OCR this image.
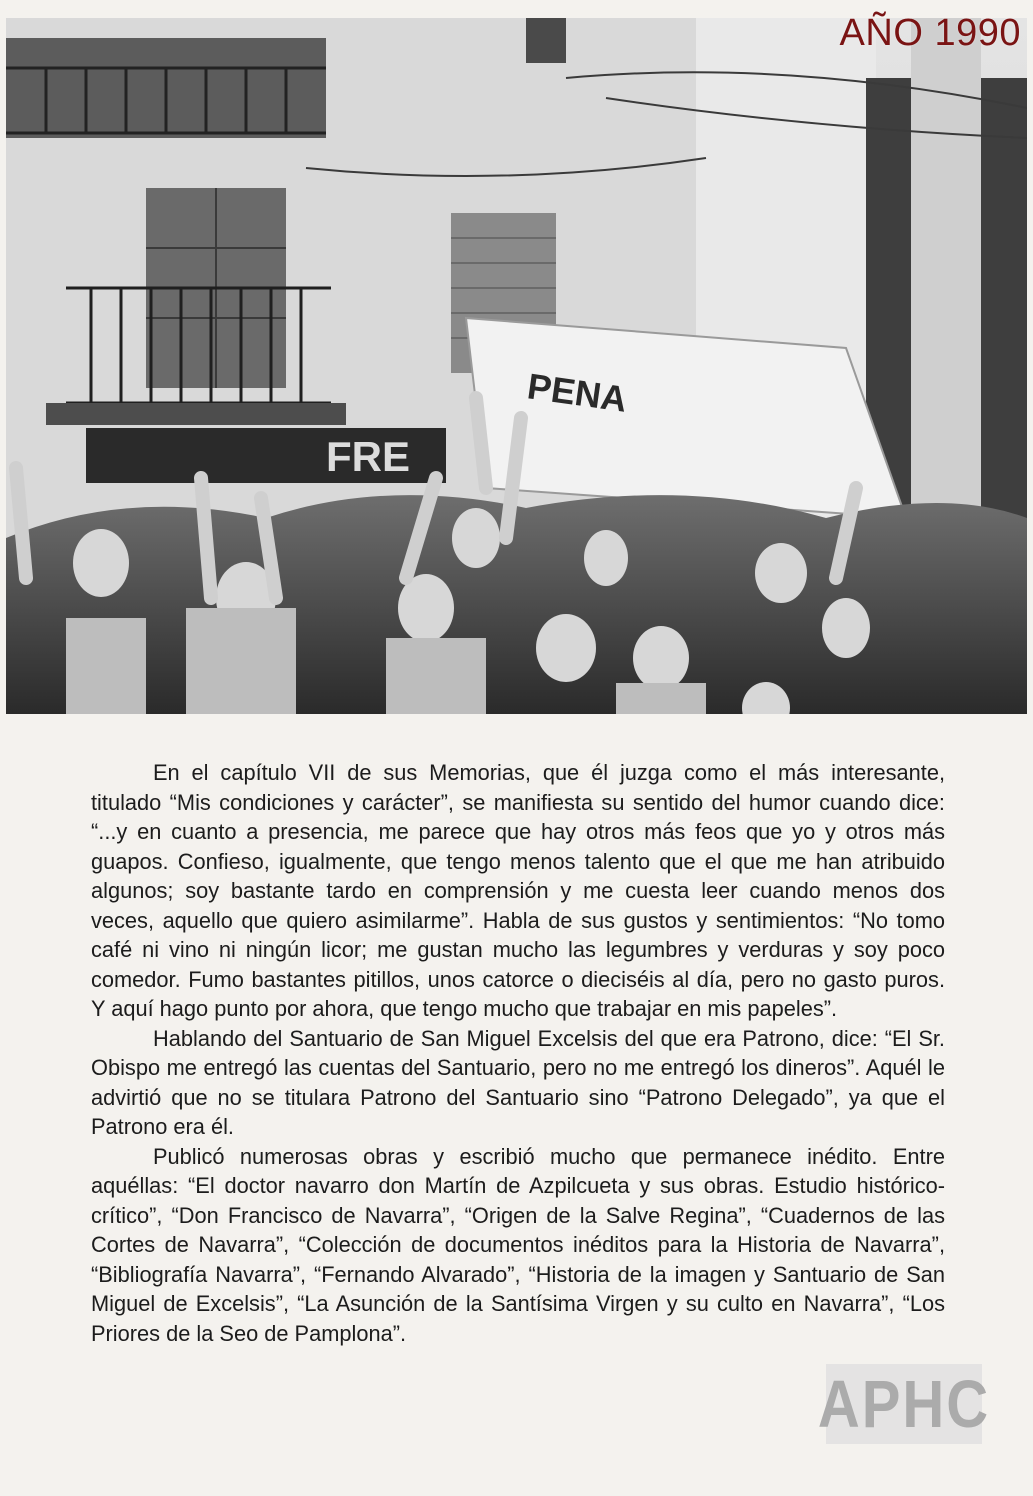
FRE
PENA
AÑO 1990

En el capítulo VII de sus Memorias, que él juzga como el más interesante, titulado “Mis condiciones y carácter”, se manifiesta su sentido del humor cuando dice: “...y en cuanto a presencia, me parece que hay otros más feos que yo y otros más guapos. Confieso, igualmente, que tengo menos talento que el que me han atribuido algunos; soy bastante tardo en comprensión y me cuesta leer cuando menos dos veces, aquello que quiero asimilarme”. Habla de sus gustos y sentimientos: “No tomo café ni vino ni ningún licor; me gustan mucho las legumbres y verduras y soy poco comedor. Fumo bastantes pitillos, unos catorce o dieciséis al día, pero no gasto puros. Y aquí hago punto por ahora, que tengo mucho que trabajar en mis papeles”.

Hablando del Santuario de San Miguel Excelsis del que era Patrono, dice: “El Sr. Obispo me entregó las cuentas del Santuario, pero no me entregó los dineros”. Aquél le advirtió que no se titulara Patrono del Santuario sino “Patrono Delegado”, ya que el Patrono era él.

Publicó numerosas obras y escribió mucho que permanece inédito. Entre aquéllas: “El doctor navarro don Martín de Azpilcueta y sus obras. Estudio histórico-crítico”, “Don Francisco de Navarra”, “Origen de la Salve Regina”, “Cuadernos de las Cortes de Navarra”, “Colección de documentos inéditos para la Historia de Navarra”, “Bibliografía Navarra”, “Fernando Alvarado”, “Historia de la imagen y Santuario de San Miguel de Excelsis”, “La Asunción de la Santísima Virgen y su culto en Navarra”, “Los Priores de la Seo de Pamplona”.

APHC
